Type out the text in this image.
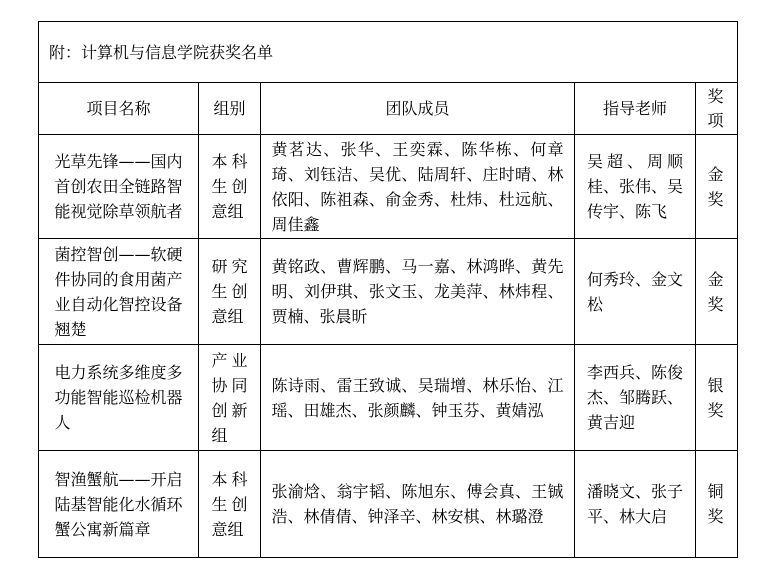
附：计算机与信息学院获奖名单				
项目名称	组别	团队成员	指导老师	奖项

光草先锋——国内首创农田全链路智能视觉除草领航者	本科生创意组	黄茗达、张华、王奕霖、陈华栋、何章琦、刘钰洁、吴优、陆周轩、庄时晴、林依阳、陈祖森、俞金秀、杜炜、杜远航、周佳鑫	吴超、周顺桂、张伟、吴传宇、陈飞	金奖

菌控智创——软硬件协同的食用菌产业自动化智控设备翘楚	研究生创意组	黄铭政、曹辉鹏、马一嘉、林鸿晔、黄先明、刘伊琪、张文玉、龙美萍、林炜程、贾楠、张晨昕	何秀玲、金文松	金奖

电力系统多维度多功能智能巡检机器人	产业协同创新组	陈诗雨、雷王致诚、吴瑞增、林乐怡、江瑶、田雄杰、张颜麟、钟玉芬、黄婧泓	李西兵、陈俊杰、邹腾跃、黄吉迎	银奖

智渔蟹航——开启陆基智能化水循环蟹公寓新篇章	本科生创意组	张渝焓、翁宇韬、陈旭东、傅会真、王铖浩、林倩倩、钟泽辛、林安棋、林璐澄	潘晓文、张子平、林大启	铜奖
